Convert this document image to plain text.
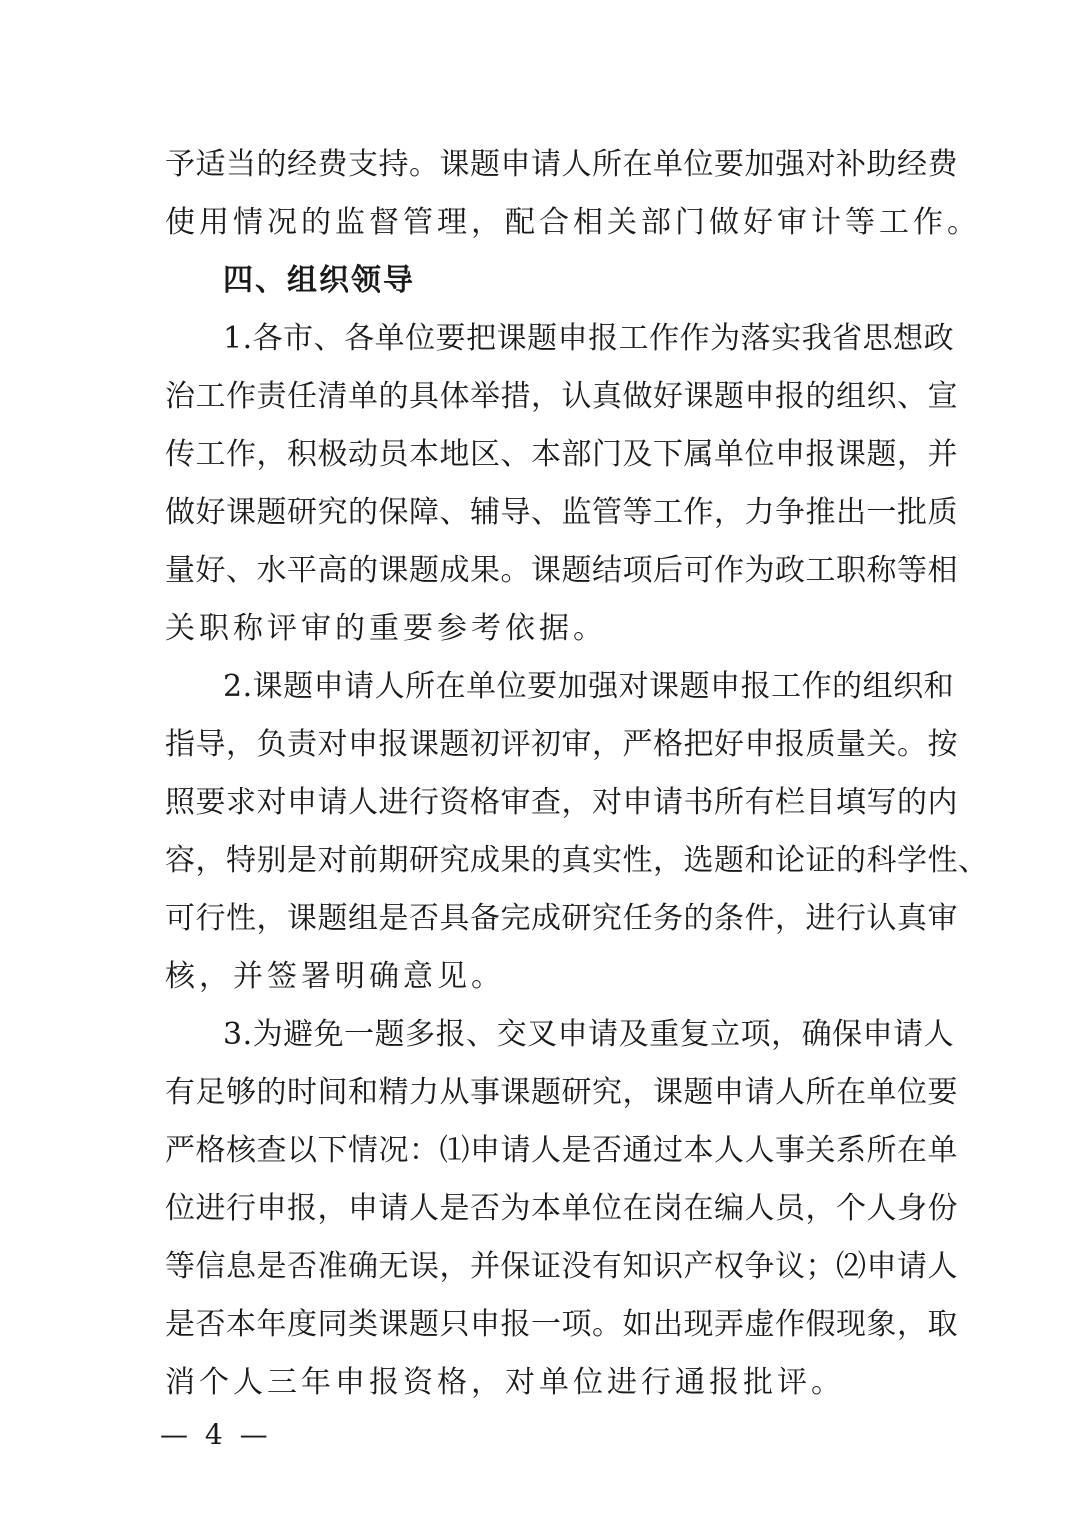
予适当的经费支持。课题申请人所在单位要加强对补助经费
使用情况的监督管理，配合相关部门做好审计等工作。
四、组织领导
1.各市、各单位要把课题申报工作作为落实我省思想政
治工作责任清单的具体举措，认真做好课题申报的组织、宣
传工作，积极动员本地区、本部门及下属单位申报课题，并
做好课题研究的保障、辅导、监管等工作，力争推出一批质
量好、水平高的课题成果。课题结项后可作为政工职称等相
关职称评审的重要参考依据。
2.课题申请人所在单位要加强对课题申报工作的组织和
指导，负责对申报课题初评初审，严格把好申报质量关。按
照要求对申请人进行资格审查，对申请书所有栏目填写的内
容，特别是对前期研究成果的真实性，选题和论证的科学性、
可行性，课题组是否具备完成研究任务的条件，进行认真审
核，并签署明确意见。
3.为避免一题多报、交叉申请及重复立项，确保申请人
有足够的时间和精力从事课题研究，课题申请人所在单位要
严格核查以下情况：⑴申请人是否通过本人人事关系所在单
位进行申报，申请人是否为本单位在岗在编人员，个人身份
等信息是否准确无误，并保证没有知识产权争议；⑵申请人
是否本年度同类课题只申报一项。如出现弄虚作假现象，取
消个人三年申报资格，对单位进行通报批评。
— 4 —
